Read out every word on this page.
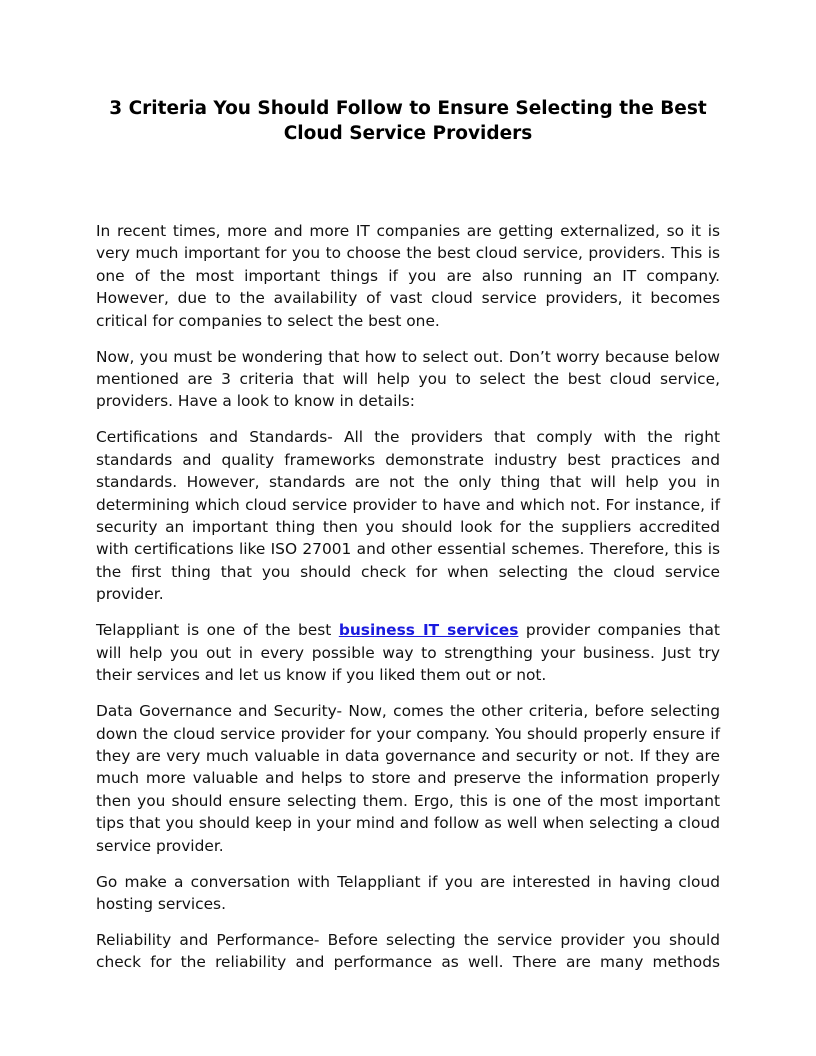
3 Criteria You Should Follow to Ensure Selecting the Best Cloud Service Providers

In recent times, more and more IT companies are getting externalized, so it is very much important for you to choose the best cloud service, providers. This is one of the most important things if you are also running an IT company. However, due to the availability of vast cloud service providers, it becomes critical for companies to select the best one.

Now, you must be wondering that how to select out. Don’t worry because below mentioned are 3 criteria that will help you to select the best cloud service, providers. Have a look to know in details:

Certifications and Standards- All the providers that comply with the right standards and quality frameworks demonstrate industry best practices and standards. However, standards are not the only thing that will help you in determining which cloud service provider to have and which not. For instance, if security an important thing then you should look for the suppliers accredited with certifications like ISO 27001 and other essential schemes. Therefore, this is the first thing that you should check for when selecting the cloud service provider.

Telappliant is one of the best business IT services provider companies that will help you out in every possible way to strengthing your business. Just try their services and let us know if you liked them out or not.

Data Governance and Security- Now, comes the other criteria, before selecting down the cloud service provider for your company. You should properly ensure if they are very much valuable in data governance and security or not. If they are much more valuable and helps to store and preserve the information properly then you should ensure selecting them. Ergo, this is one of the most important tips that you should keep in your mind and follow as well when selecting a cloud service provider.

Go make a conversation with Telappliant if you are interested in having cloud hosting services.

Reliability and Performance- Before selecting the service provider you should check for the reliability and performance as well. There are many methods
